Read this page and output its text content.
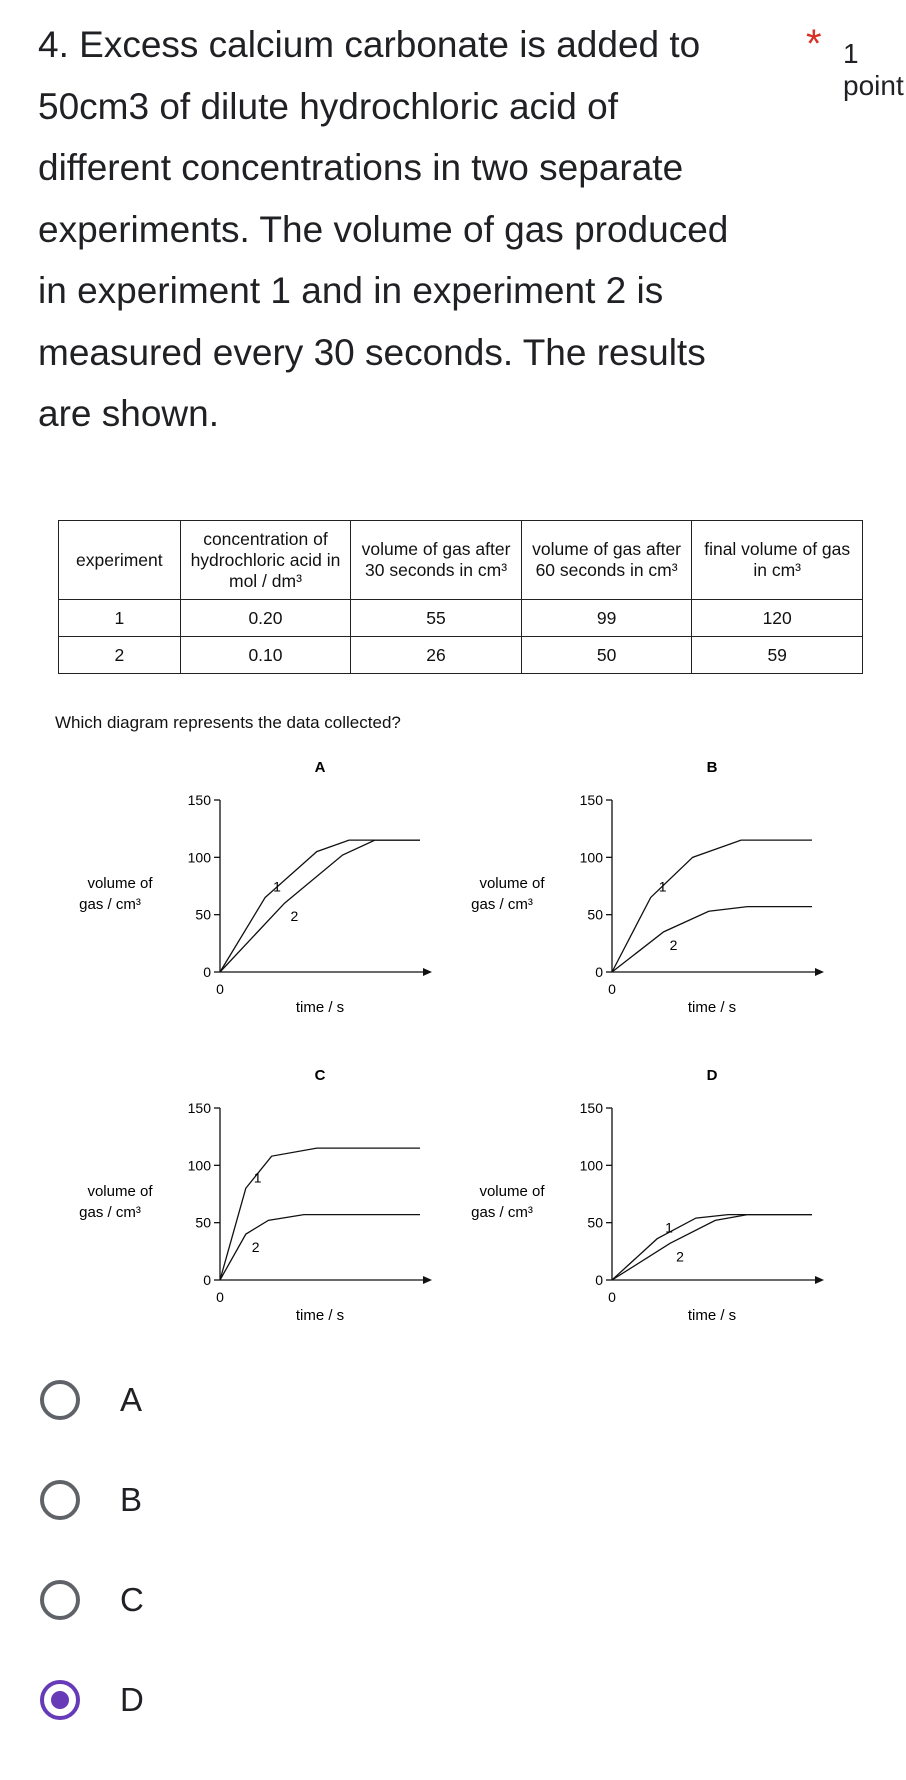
4. Excess calcium carbonate is added to 50cm3 of dilute hydrochloric acid of different concentrations in two separate experiments. The volume of gas produced in experiment 1 and in experiment 2 is measured every 30 seconds. The results are shown.
* 1 point
experiment	concentration of hydrochloric acid in mol / dm³	volume of gas after 30 seconds in cm³	volume of gas after 60 seconds in cm³	final volume of gas in cm³
1	0.20	55	99	120
2	0.10	26	50	59
Which diagram represents the data collected?
A
0
50
100
150
0
volume of
gas / cm³
time / s
1
2
B
0
50
100
150
0
volume of
gas / cm³
time / s
1
2
C
0
50
100
150
0
volume of
gas / cm³
time / s
1
2
D
0
50
100
150
0
volume of
gas / cm³
time / s
1
2
A
B
C
D
